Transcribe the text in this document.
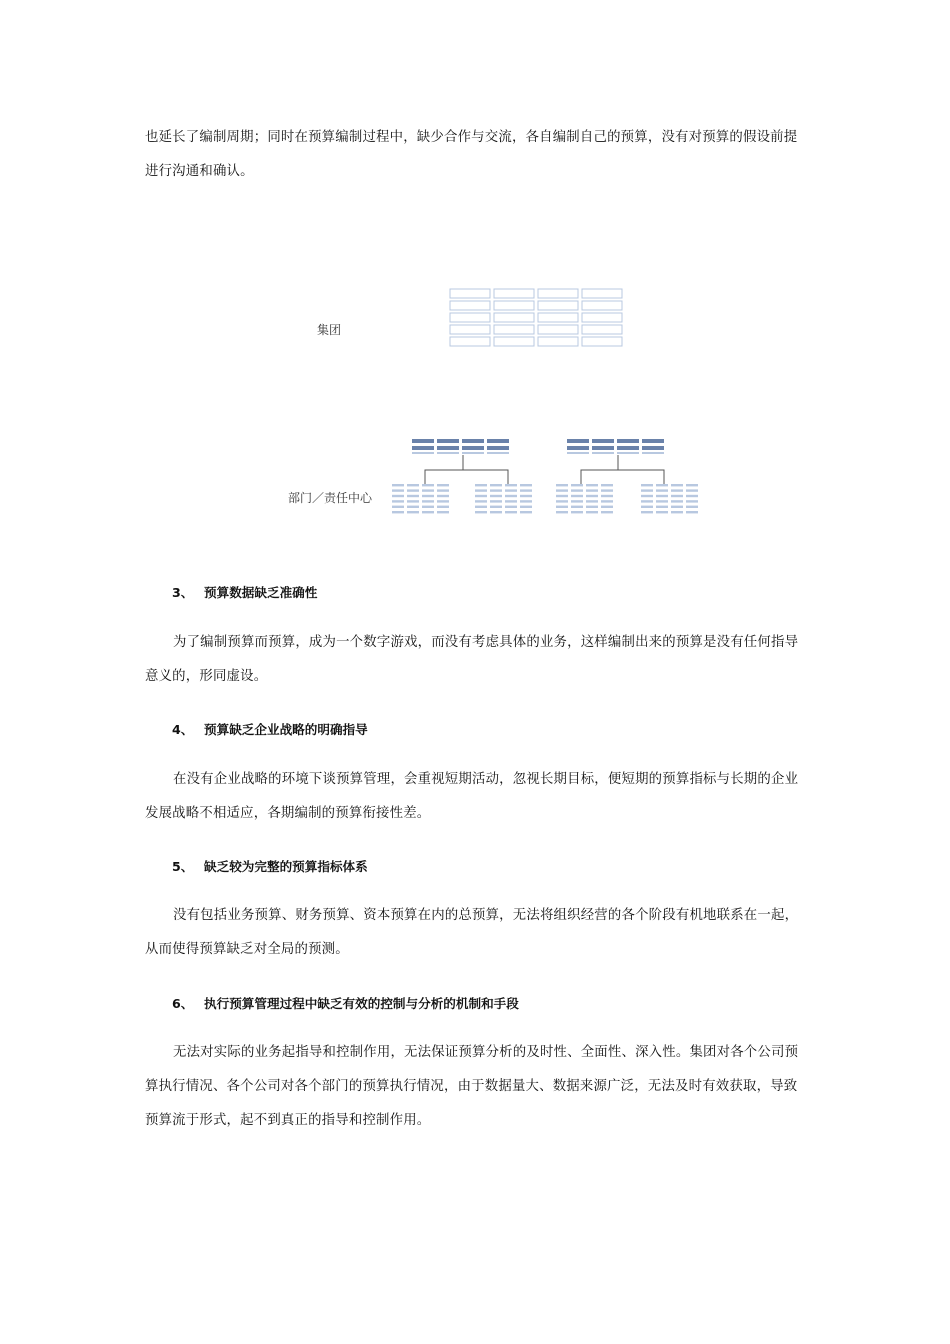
也延长了编制周期；同时在预算编制过程中，缺少合作与交流，各自编制自己的预算，没有对预算的假设前提进行沟通和确认。

集团
部门／责任中心
3、 预算数据缺乏准确性

为了编制预算而预算，成为一个数字游戏，而没有考虑具体的业务，这样编制出来的预算是没有任何指导意义的，形同虚设。

4、 预算缺乏企业战略的明确指导

在没有企业战略的环境下谈预算管理，会重视短期活动，忽视长期目标，便短期的预算指标与长期的企业发展战略不相适应，各期编制的预算衔接性差。

5、 缺乏较为完整的预算指标体系

没有包括业务预算、财务预算、资本预算在内的总预算，无法将组织经营的各个阶段有机地联系在一起，从而使得预算缺乏对全局的预测。

6、 执行预算管理过程中缺乏有效的控制与分析的机制和手段

无法对实际的业务起指导和控制作用，无法保证预算分析的及时性、全面性、深入性。集团对各个公司预算执行情况、各个公司对各个部门的预算执行情况，由于数据量大、数据来源广泛，无法及时有效获取，导致预算流于形式，起不到真正的指导和控制作用。
